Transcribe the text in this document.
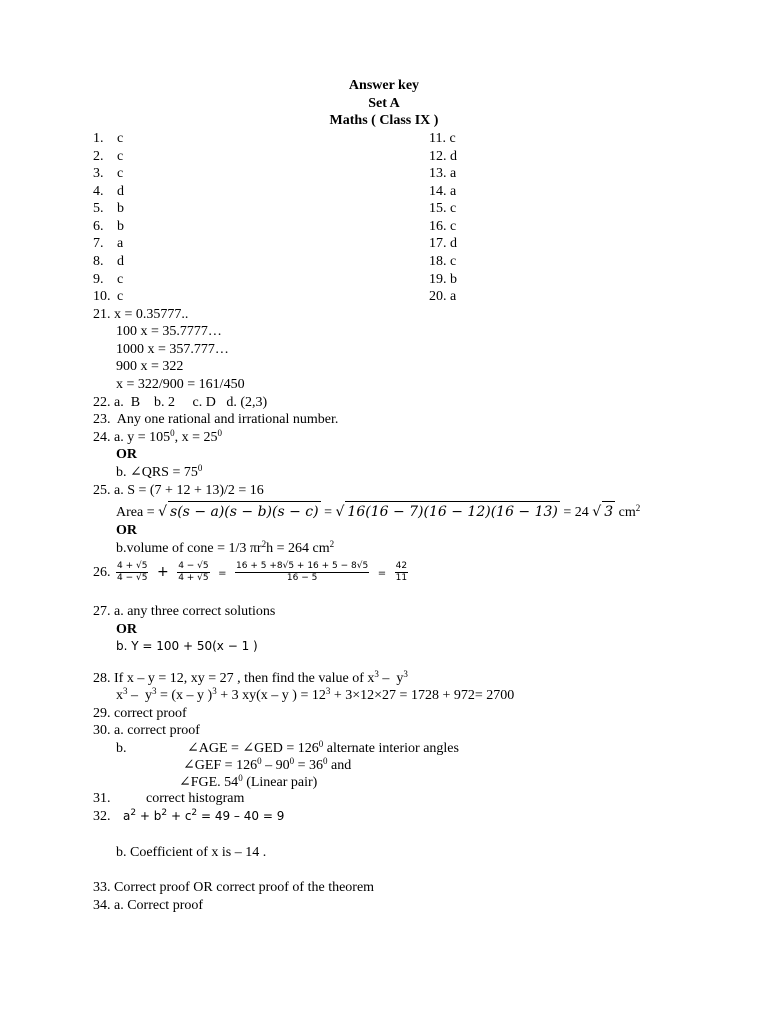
Answer key
Set A
Maths ( Class IX )
1. c
2. c
3. c
4. d
5. b
6. b
7. a
8. d
9. c
10. c
11. c
12. d
13. a
14. a
15. c
16. c
17. d
18. c
19. b
20. a
21. x = 0.35777..
100 x = 35.7777…
1000 x = 357.777…
900 x = 322
x = 322/900 = 161/450
22. a.  B    b. 2     c. D   d. (2,3)
23.  Any one rational and irrational number.
24. a. $y = 105^0$, $x = 25^0$
OR
b. ∠QRS = $75^0$
25. a. S = (7 + 12 + 13)/2 = 16
Area = √ s(s − a)(s − b)(s − c) = √ 16(16 − 7)(16 − 12)(16 − 13) = 24 √ 3 $cm^2$
OR
b.volume of cone = 1/3 $\pi r^2h = 264$ $cm^2$
26. $\frac{4 + √5}{4 - √5} + \frac{4 - √5}{4 + √5} = \frac{16 + 5 +8√5 + 16 + 5 - 8√5}{16 - 5} = \frac{42}{11}$
27. a. any three correct solutions
OR
b. Y = 100 + 50(x − 1 )
28. If x – y = 12, xy = 27 , then find the value of $x^3 - y^3$
$x^3 - y^3 = (x - y$ )$^3$ + 3 xy(x – y ) = $12^3 + 3\times 12\times 27 = 1728 + 972= 2700$
29. correct proof
30. a. correct proof
b.	∠AGE = ∠GED = $126^0$ alternate interior angles
∠GEF = $126^0 - 90^0 = 36^0$ and
∠FGE. $54^0$ (Linear pair)
31.	correct histogram
32. $a^2 + b^2 + c^2 = 49 - 40 = 9$
b. Coefficient of x is – 14 .
33. Correct proof OR correct proof of the theorem
34. a. Correct proof
